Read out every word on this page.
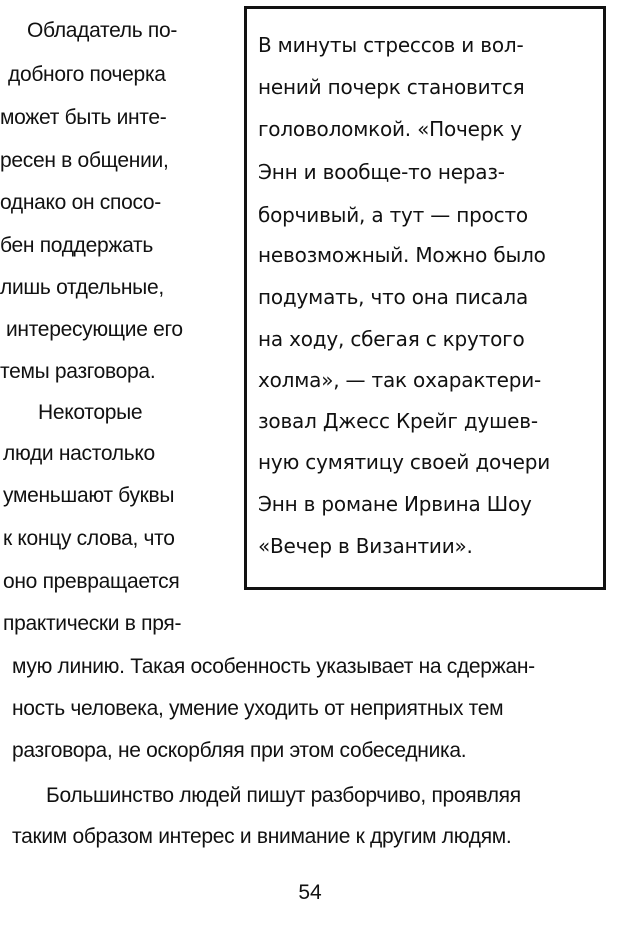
Обладатель по-
добного почерка
может быть инте-
ресен в общении,
однако он спосо-
бен поддержать
лишь отдельные,
интересующие его
темы разговора.
Некоторые
люди настолько
уменьшают буквы
к концу слова, что
оно превращается
практически в пря-
В минуты стрессов и вол-
нений почерк становится
головоломкой. «Почерк у
Энн и вообще-то нераз-
борчивый, а тут — просто
невозможный. Можно было
подумать, что она писала
на ходу, сбегая с крутого
холма», — так охарактери-
зовал Джесс Крейг душев-
ную сумятицу своей дочери
Энн в романе Ирвина Шоу
«Вечер в Византии».
мую линию. Такая особенность указывает на сдержан-
ность человека, умение уходить от неприятных тем
разговора, не оскорбляя при этом собеседника.
Большинство людей пишут разборчиво, проявляя
таким образом интерес и внимание к другим людям.
54
